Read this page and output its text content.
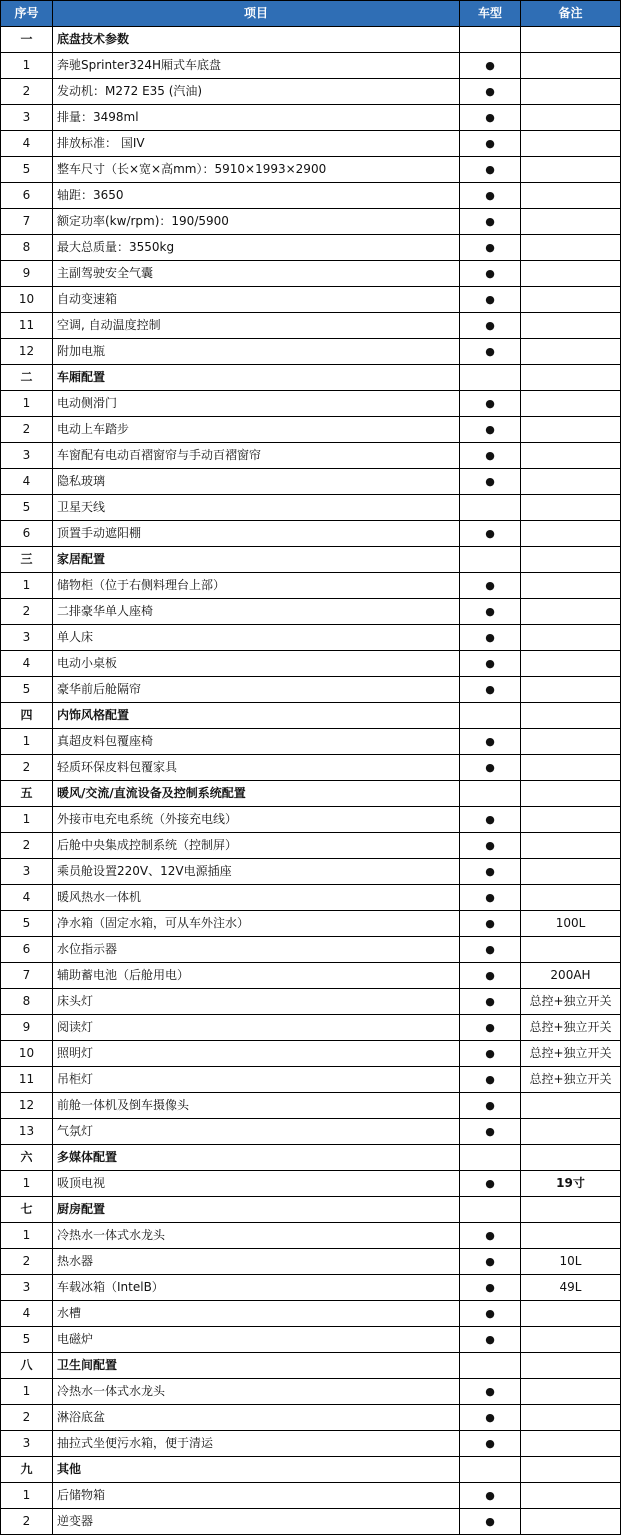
序号	项目	车型	备注
一	底盘技术参数		
1	奔驰Sprinter324H厢式车底盘	●	
2	发动机：M272 E35 (汽油)	●	
3	排量：3498ml	●	
4	排放标准： 国IV	●	
5	整车尺寸（长×宽×高mm）：5910×1993×2900	●	
6	轴距：3650	●	
7	额定功率(kw/rpm)：190/5900	●	
8	最大总质量：3550kg	●	
9	主副驾驶安全气囊	●	
10	自动变速箱	●	
11	空调, 自动温度控制	●	
12	附加电瓶	●	
二	车厢配置		
1	电动侧滑门	●	
2	电动上车踏步	●	
3	车窗配有电动百褶窗帘与手动百褶窗帘	●	
4	隐私玻璃	●	
5	卫星天线		
6	顶置手动遮阳棚	●	
三	家居配置		
1	储物柜（位于右侧料理台上部）	●	
2	二排豪华单人座椅	●	
3	单人床	●	
4	电动小桌板	●	
5	豪华前后舱隔帘	●	
四	内饰风格配置		
1	真超皮料包覆座椅	●	
2	轻质环保皮料包覆家具	●	
五	暖风/交流/直流设备及控制系统配置		
1	外接市电充电系统（外接充电线）	●	
2	后舱中央集成控制系统（控制屏）	●	
3	乘员舱设置220V、12V电源插座	●	
4	暖风热水一体机	●	
5	净水箱（固定水箱，可从车外注水）	●	100L
6	水位指示器	●	
7	辅助蓄电池（后舱用电）	●	200AH
8	床头灯	●	总控+独立开关
9	阅读灯	●	总控+独立开关
10	照明灯	●	总控+独立开关
11	吊柜灯	●	总控+独立开关
12	前舱一体机及倒车摄像头	●	
13	气氛灯	●	
六	多媒体配置		
1	吸顶电视	●	19寸
七	厨房配置		
1	冷热水一体式水龙头	●	
2	热水器	●	10L
3	车载冰箱（IntelB）	●	49L
4	水槽	●	
5	电磁炉	●	
八	卫生间配置		
1	冷热水一体式水龙头	●	
2	淋浴底盆	●	
3	抽拉式坐便污水箱，便于清运	●	
九	其他		
1	后储物箱	●	
2	逆变器	●	
